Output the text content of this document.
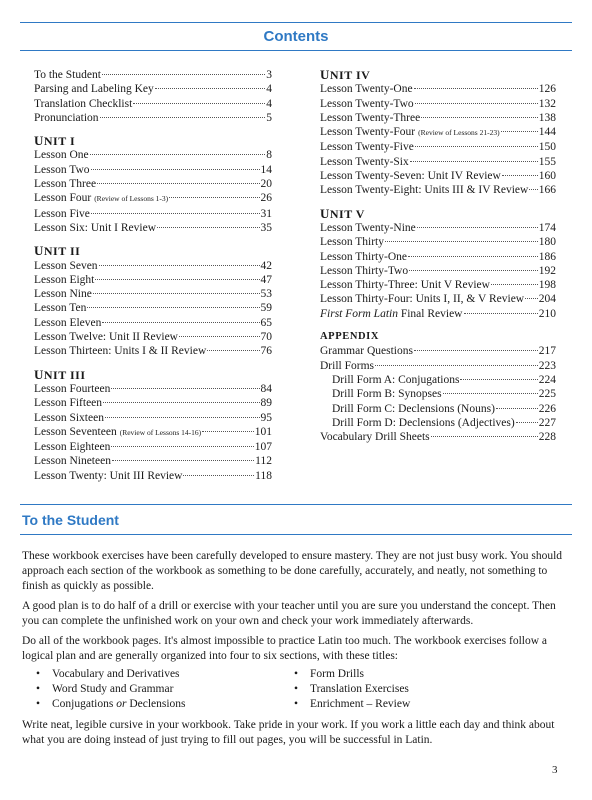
Contents
To the Student	3
Parsing and Labeling Key	4
Translation Checklist	4
Pronunciation	5
UNIT I
Lesson One	8
Lesson Two	14
Lesson Three	20
Lesson Four (Review of Lessons 1-3)	26
Lesson Five	31
Lesson Six: Unit I Review	35
UNIT II
Lesson Seven	42
Lesson Eight	47
Lesson Nine	53
Lesson Ten	59
Lesson Eleven	65
Lesson Twelve: Unit II Review	70
Lesson Thirteen: Units I & II Review	76
UNIT III
Lesson Fourteen	84
Lesson Fifteen	89
Lesson Sixteen	95
Lesson Seventeen (Review of Lessons 14-16)	101
Lesson Eighteen	107
Lesson Nineteen	112
Lesson Twenty: Unit III Review	118
UNIT IV
Lesson Twenty-One	126
Lesson Twenty-Two	132
Lesson Twenty-Three	138
Lesson Twenty-Four (Review of Lessons 21-23)	144
Lesson Twenty-Five	150
Lesson Twenty-Six	155
Lesson Twenty-Seven: Unit IV Review	160
Lesson Twenty-Eight: Units III & IV Review 166
UNIT V
Lesson Twenty-Nine	174
Lesson Thirty	180
Lesson Thirty-One	186
Lesson Thirty-Two	192
Lesson Thirty-Three: Unit V Review	198
Lesson Thirty-Four: Units I, II, & V Review 204
First Form Latin Final Review	210
APPENDIX
Grammar Questions	217
Drill Forms	223
Drill Form A: Conjugations	224
Drill Form B: Synopses	225
Drill Form C: Declensions (Nouns)	226
Drill Form D: Declensions (Adjectives) 227
Vocabulary Drill Sheets	228
To the Student

These workbook exercises have been carefully developed to ensure mastery. They are not just busy work. You should approach each section of the workbook as something to be done carefully, accurately, and neatly, not something to finish as quickly as possible.

A good plan is to do half of a drill or exercise with your teacher until you are sure you understand the concept. Then you can complete the unfinished work on your own and check your work immediately afterwards.

Do all of the workbook pages. It's almost impossible to practice Latin too much. The workbook exercises follow a logical plan and are generally organized into four to six sections, with these titles:

• Vocabulary and Derivatives
• Word Study and Grammar
• Conjugations or Declensions
• Form Drills
• Translation Exercises
• Enrichment – Review

Write neat, legible cursive in your workbook. Take pride in your work. If you work a little each day and think about what you are doing instead of just trying to fill out pages, you will be successful in Latin.

3
